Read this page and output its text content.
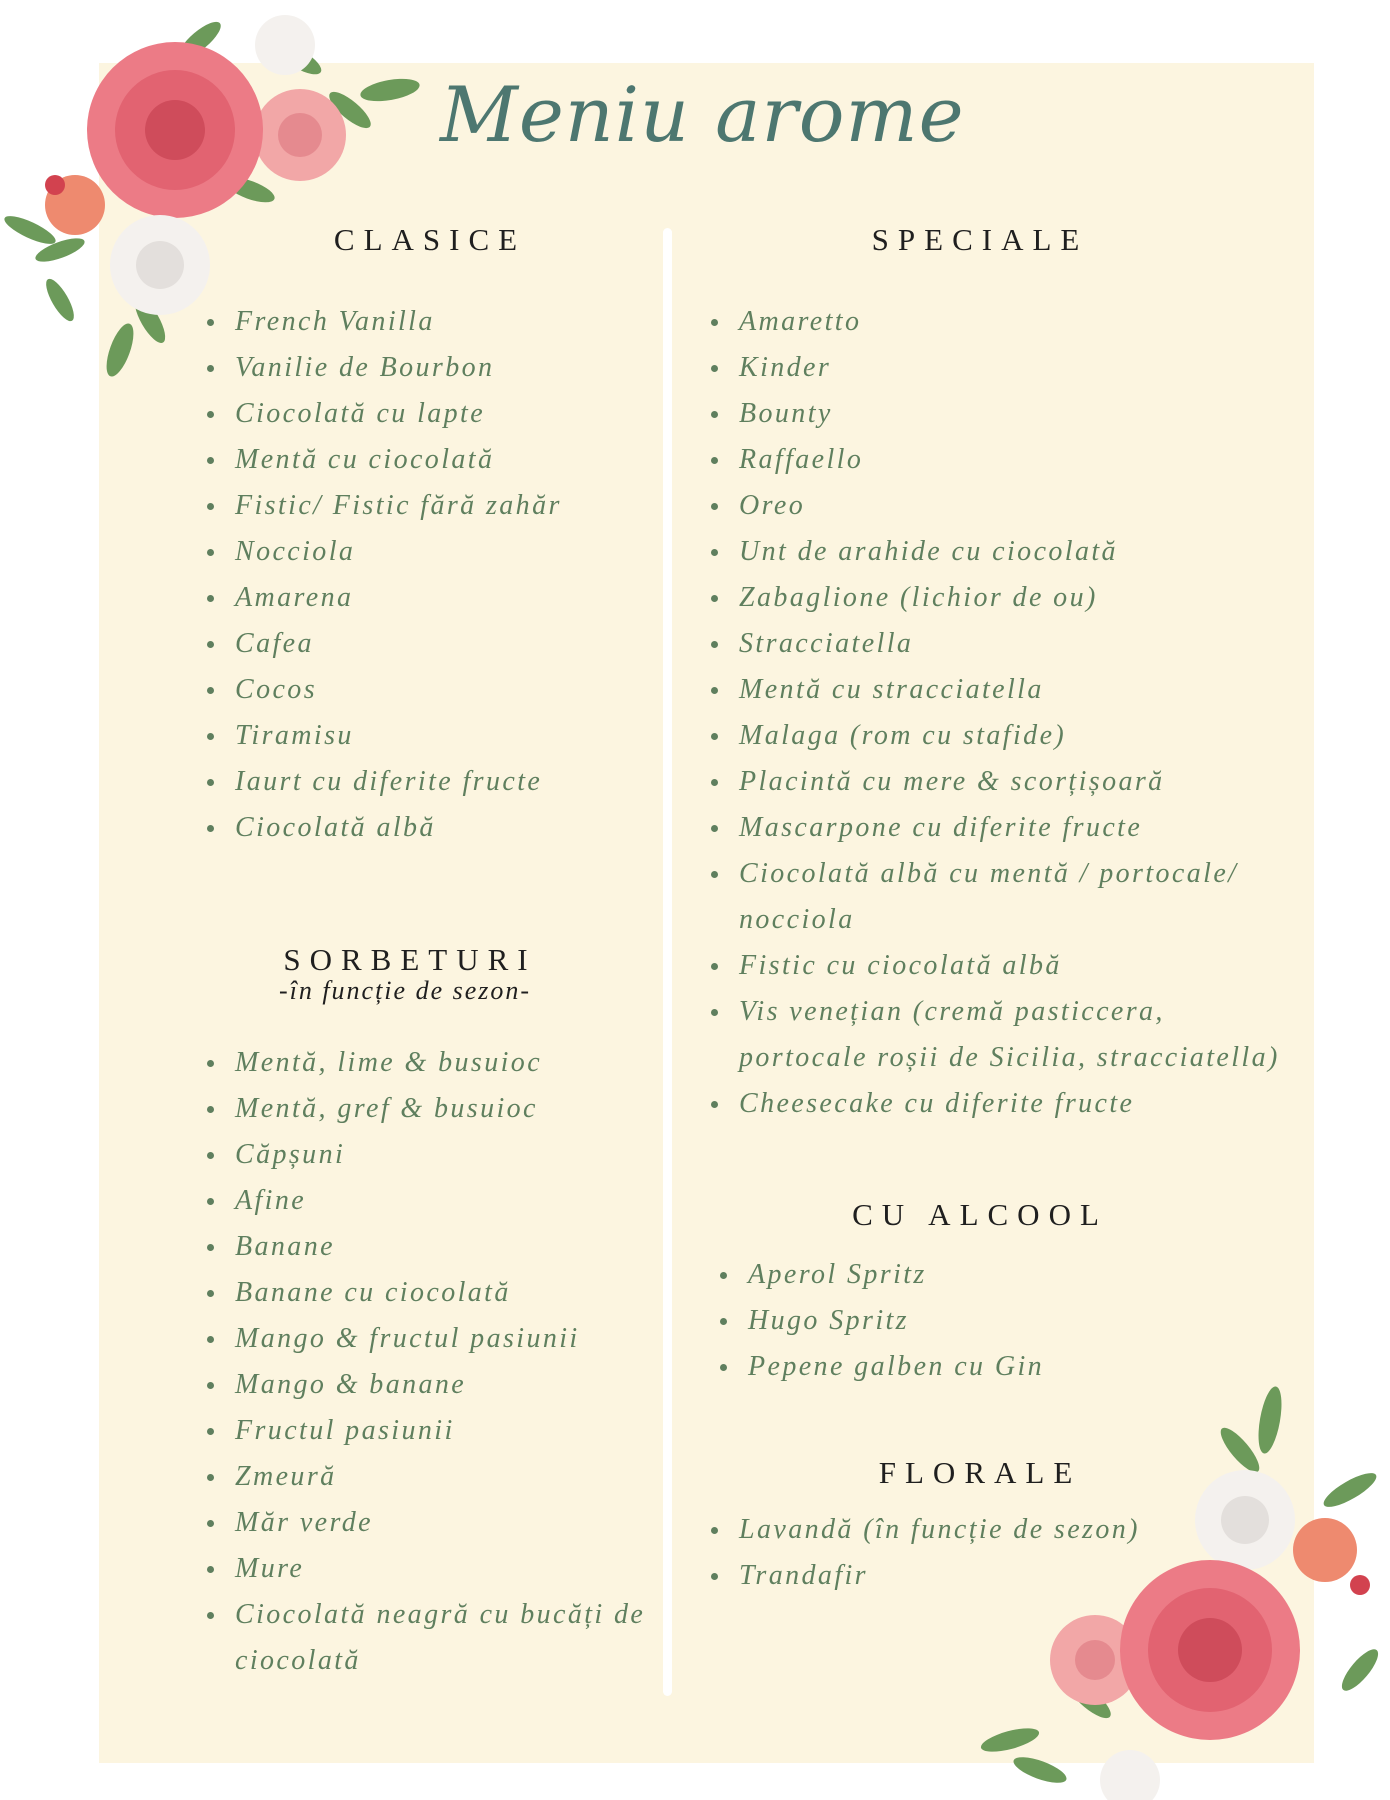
Meniu arome
CLASICE
French Vanilla
Vanilie de Bourbon
Ciocolată cu lapte
Mentă cu ciocolată
Fistic/ Fistic fără zahăr
Nocciola
Amarena
Cafea
Cocos
Tiramisu
Iaurt cu diferite fructe
Ciocolată albă
SORBETURI
-în funcție de sezon-
Mentă, lime & busuioc
Mentă, gref & busuioc
Căpșuni
Afine
Banane
Banane cu ciocolată
Mango & fructul pasiunii
Mango & banane
Fructul pasiunii
Zmeură
Măr verde
Mure
Ciocolată neagră cu bucăți de
ciocolată
SPECIALE
Amaretto
Kinder
Bounty
Raffaello
Oreo
Unt de arahide cu ciocolată
Zabaglione (lichior de ou)
Stracciatella
Mentă cu stracciatella
Malaga (rom cu stafide)
Placintă cu mere & scorțișoară
Mascarpone cu diferite fructe
Ciocolată albă cu mentă / portocale/
nocciola
Fistic cu ciocolată albă
Vis venețian (cremă pasticcera,
portocale roșii de Sicilia, stracciatella)
Cheesecake cu diferite fructe
CU ALCOOL
Aperol Spritz
Hugo Spritz
Pepene galben cu Gin
FLORALE
Lavandă (în funcție de sezon)
Trandafir
